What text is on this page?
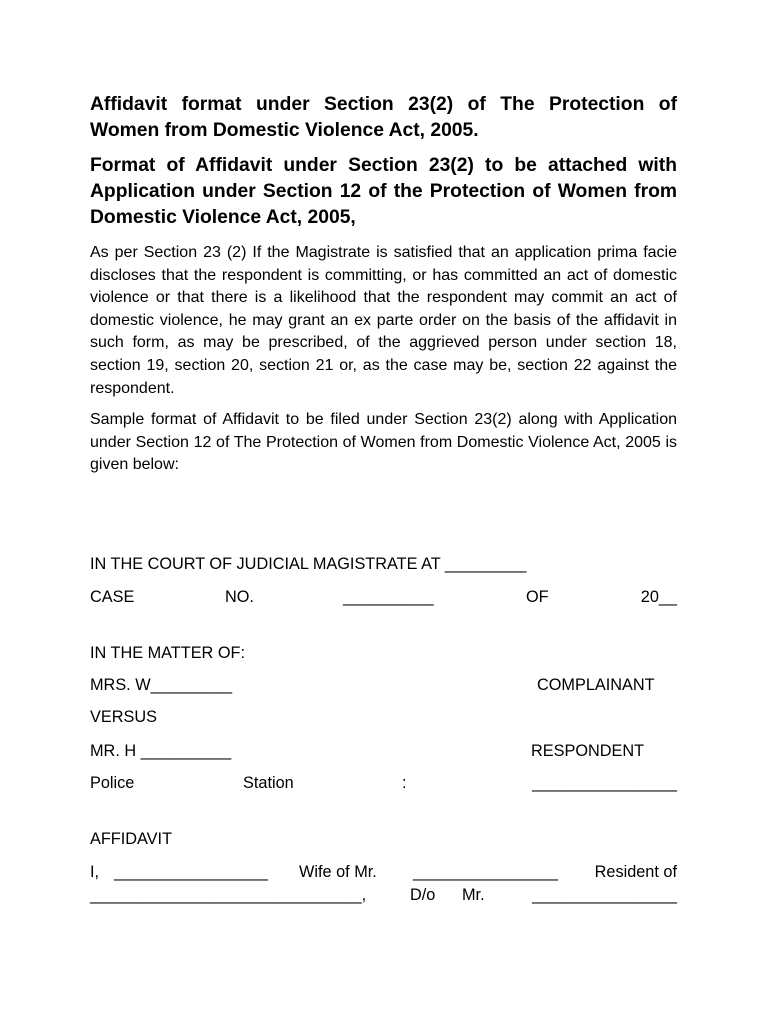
Affidavit format under Section 23(2) of The Protection of Women from Domestic Violence Act, 2005.

Format of Affidavit under Section 23(2) to be attached with Application under Section 12 of the Protection of Women from Domestic Violence Act, 2005,

As per Section 23 (2) If the Magistrate is satisfied that an application prima facie discloses that the respondent is committing, or has committed an act of domestic violence or that there is a likelihood that the respondent may commit an act of domestic violence, he may grant an ex parte order on the basis of the affidavit in such form, as may be prescribed, of the aggrieved person under section 18, section 19, section 20, section 21 or, as the case may be, section 22 against the respondent.

Sample format of Affidavit to be filed under Section 23(2) along with Application under Section 12 of The Protection of Women from Domestic Violence Act, 2005 is given below:

IN THE COURT OF JUDICIAL MAGISTRATE AT _________
CASE	NO.	__________	OF	20__
IN THE MATTER OF:
MRS. W_________	COMPLAINANT
VERSUS
MR. H __________	RESPONDENT
Police	Station	:	________________
AFFIDAVIT
I, _________________ Wife of Mr. ________________ Resident of
______________________________,	D/o Mr.	________________
